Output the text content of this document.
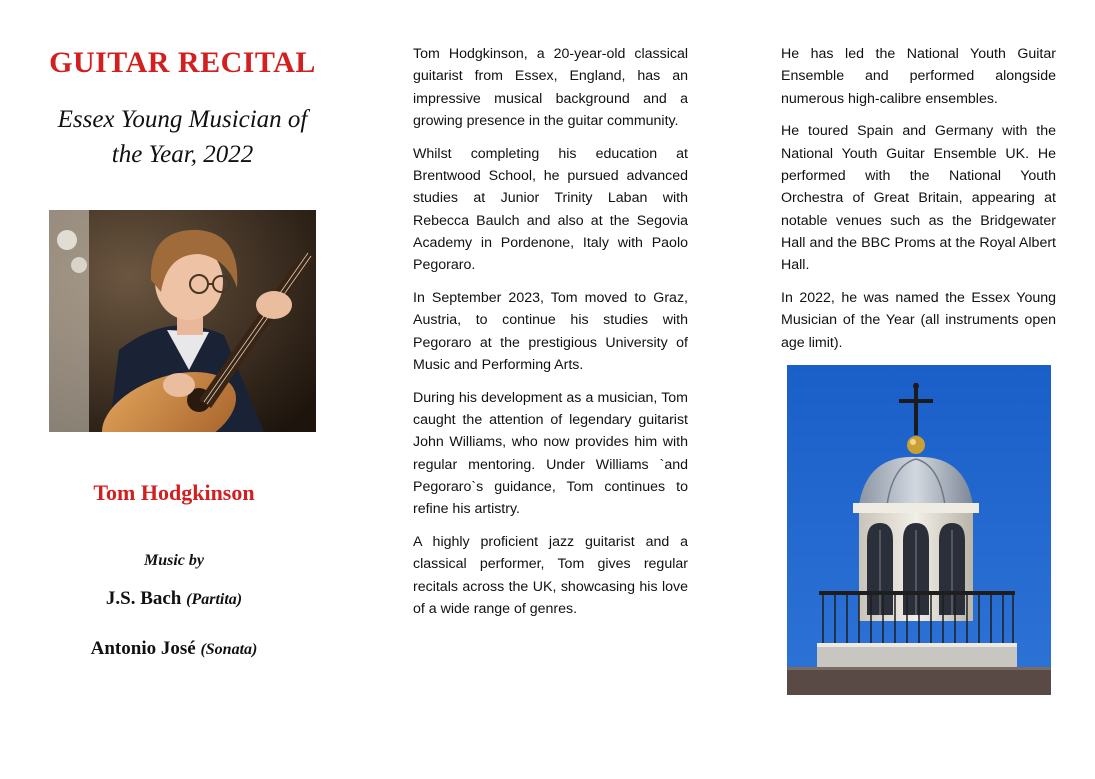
GUITAR RECITAL

Essex Young Musician of the Year, 2022

Tom Hodgkinson
Music by
J.S. Bach (Partita)
Antonio José (Sonata)

Tom Hodgkinson, a 20-year-old classical guitarist from Essex, England, has an impressive musical background and a growing presence in the guitar community.

Whilst completing his education at Brentwood School, he pursued advanced studies at Junior Trinity Laban with Rebecca Baulch and also at the Segovia Academy in Pordenone, Italy with Paolo Pegoraro.

In September 2023, Tom moved to Graz, Austria, to continue his studies with Pegoraro at the prestigious University of Music and Performing Arts.

During his development as a musician, Tom caught the attention of legendary guitarist John Williams, who now provides him with regular mentoring. Under Williams `and Pegoraro`s guidance, Tom continues to refine his artistry.

A highly proficient jazz guitarist and a classical performer, Tom gives regular recitals across the UK, showcasing his love of a wide range of genres.

He has led the National Youth Guitar Ensemble and performed alongside numerous high-calibre ensembles.

He toured Spain and Germany with the National Youth Guitar Ensemble UK. He performed with the National Youth Orchestra of Great Britain, appearing at notable venues such as the Bridgewater Hall and the BBC Proms at the Royal Albert Hall.

In 2022, he was named the Essex Young Musician of the Year (all instruments open age limit).
